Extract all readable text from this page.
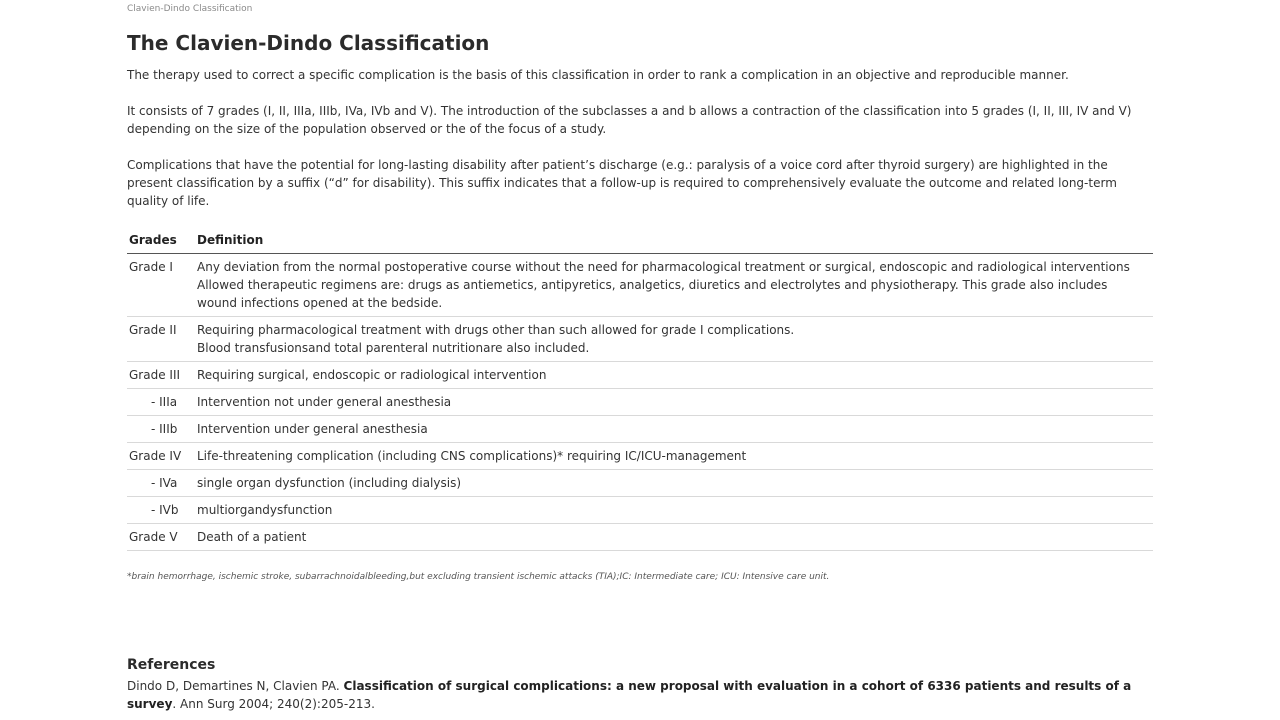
Clavien-Dindo Classification
The Clavien-Dindo Classification

The therapy used to correct a specific complication is the basis of this classification in order to rank a complication in an objective and reproducible manner.

It consists of 7 grades (I, II, IIIa, IIIb, IVa, IVb and V). The introduction of the subclasses a and b allows a contraction of the classification into 5 grades (I, II, III, IV and V) depending on the size of the population observed or the of the focus of a study.

Complications that have the potential for long-lasting disability after patient’s discharge (e.g.: paralysis of a voice cord after thyroid surgery) are highlighted in the present classification by a suffix (“d” for disability). This suffix indicates that a follow-up is required to comprehensively evaluate the outcome and related long-term quality of life.

Grades	Definition
Grade I	Any deviation from the normal postoperative course without the need for pharmacological treatment or surgical, endoscopic and radiological interventions
Allowed therapeutic regimens are: drugs as antiemetics, antipyretics, analgetics, diuretics and electrolytes and physiotherapy. This grade also includes wound infections opened at the bedside.

Grade II	Requiring pharmacological treatment with drugs other than such allowed for grade I complications.
Blood transfusionsand total parenteral nutritionare also included.

Grade III	Requiring surgical, endoscopic or radiological intervention

- IIIa	Intervention not under general anesthesia

- IIIb	Intervention under general anesthesia

Grade IV	Life-threatening complication (including CNS complications)* requiring IC/ICU-management

- IVa	single organ dysfunction (including dialysis)

- IVb	multiorgandysfunction

Grade V	Death of a patient

*brain hemorrhage, ischemic stroke, subarrachnoidalbleeding,but excluding transient ischemic attacks (TIA);IC: Intermediate care; ICU: Intensive care unit.

References

Dindo D, Demartines N, Clavien PA. Classification of surgical complications: a new proposal with evaluation in a cohort of 6336 patients and results of a survey. Ann Surg 2004; 240(2):205-213.
